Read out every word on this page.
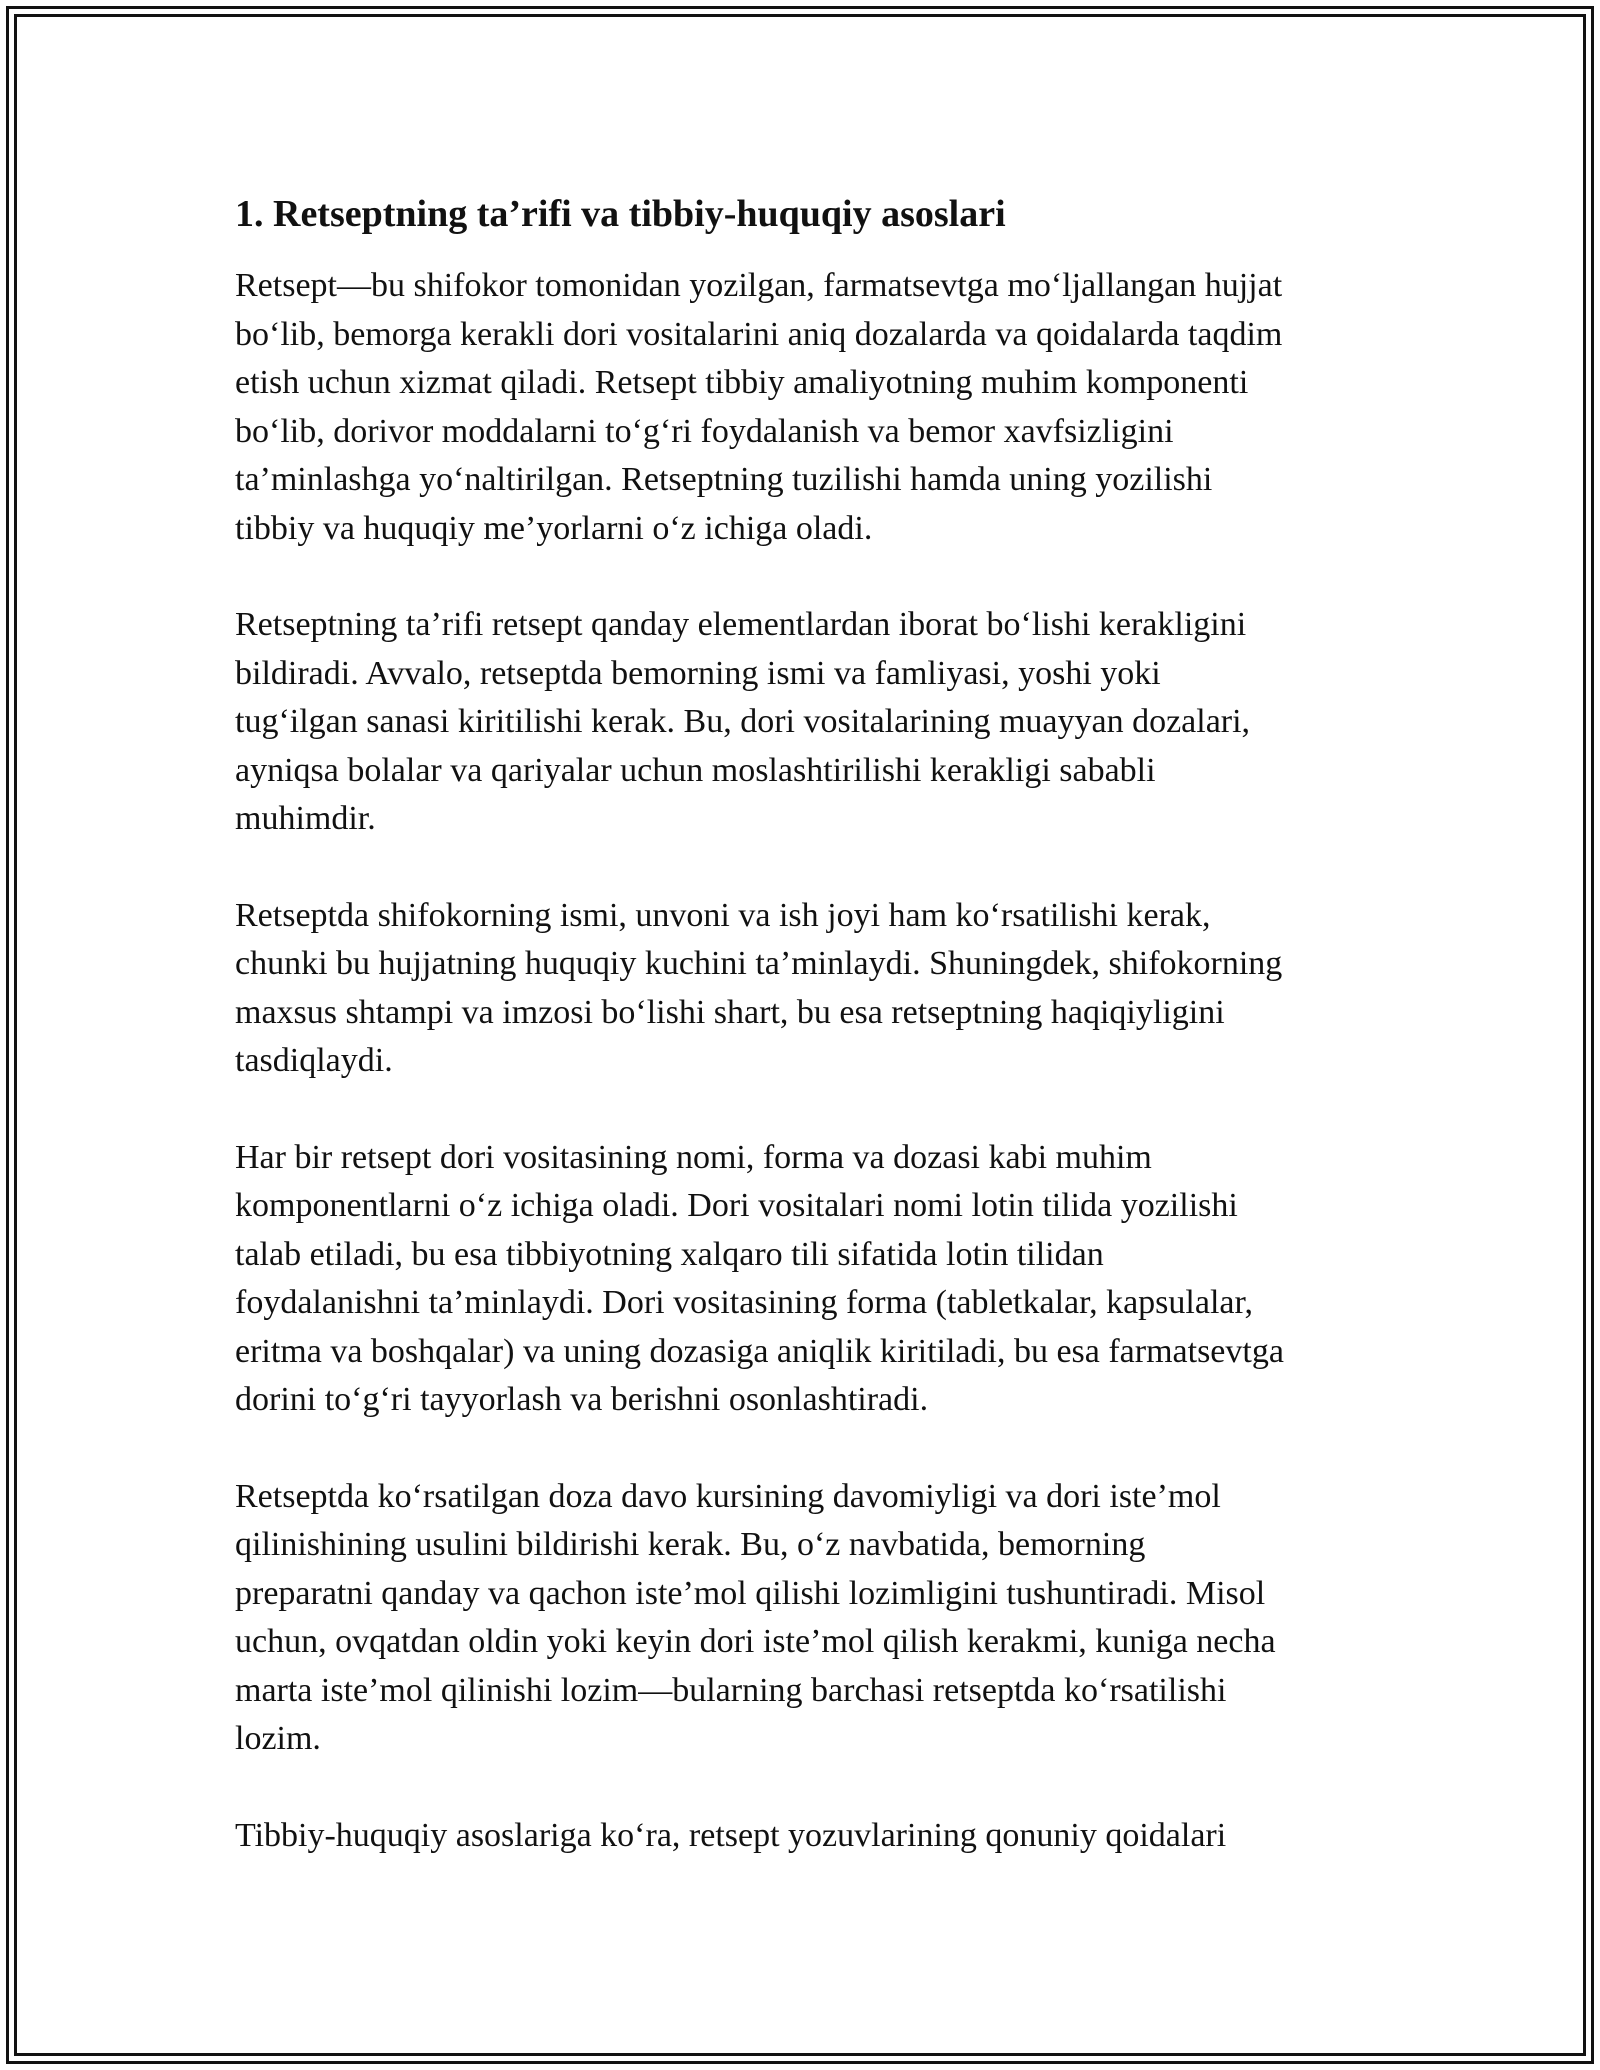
1. Retseptning ta’rifi va tibbiy-huquqiy asoslari

Retsept—bu shifokor tomonidan yozilgan, farmatsevtga mo‘ljallangan hujjat
bo‘lib, bemorga kerakli dori vositalarini aniq dozalarda va qoidalarda taqdim
etish uchun xizmat qiladi. Retsept tibbiy amaliyotning muhim komponenti
bo‘lib, dorivor moddalarni to‘g‘ri foydalanish va bemor xavfsizligini
ta’minlashga yo‘naltirilgan. Retseptning tuzilishi hamda uning yozilishi
tibbiy va huquqiy me’yorlarni o‘z ichiga oladi.

Retseptning ta’rifi retsept qanday elementlardan iborat bo‘lishi kerakligini
bildiradi. Avvalo, retseptda bemorning ismi va famliyasi, yoshi yoki
tug‘ilgan sanasi kiritilishi kerak. Bu, dori vositalarining muayyan dozalari,
ayniqsa bolalar va qariyalar uchun moslashtirilishi kerakligi sababli
muhimdir.

Retseptda shifokorning ismi, unvoni va ish joyi ham ko‘rsatilishi kerak,
chunki bu hujjatning huquqiy kuchini ta’minlaydi. Shuningdek, shifokorning
maxsus shtampi va imzosi bo‘lishi shart, bu esa retseptning haqiqiyligini
tasdiqlaydi.

Har bir retsept dori vositasining nomi, forma va dozasi kabi muhim
komponentlarni o‘z ichiga oladi. Dori vositalari nomi lotin tilida yozilishi
talab etiladi, bu esa tibbiyotning xalqaro tili sifatida lotin tilidan
foydalanishni ta’minlaydi. Dori vositasining forma (tabletkalar, kapsulalar,
eritma va boshqalar) va uning dozasiga aniqlik kiritiladi, bu esa farmatsevtga
dorini to‘g‘ri tayyorlash va berishni osonlashtiradi.

Retseptda ko‘rsatilgan doza davo kursining davomiyligi va dori iste’mol
qilinishining usulini bildirishi kerak. Bu, o‘z navbatida, bemorning
preparatni qanday va qachon iste’mol qilishi lozimligini tushuntiradi. Misol
uchun, ovqatdan oldin yoki keyin dori iste’mol qilish kerakmi, kuniga necha
marta iste’mol qilinishi lozim—bularning barchasi retseptda ko‘rsatilishi
lozim.

Tibbiy-huquqiy asoslariga ko‘ra, retsept yozuvlarining qonuniy qoidalari
